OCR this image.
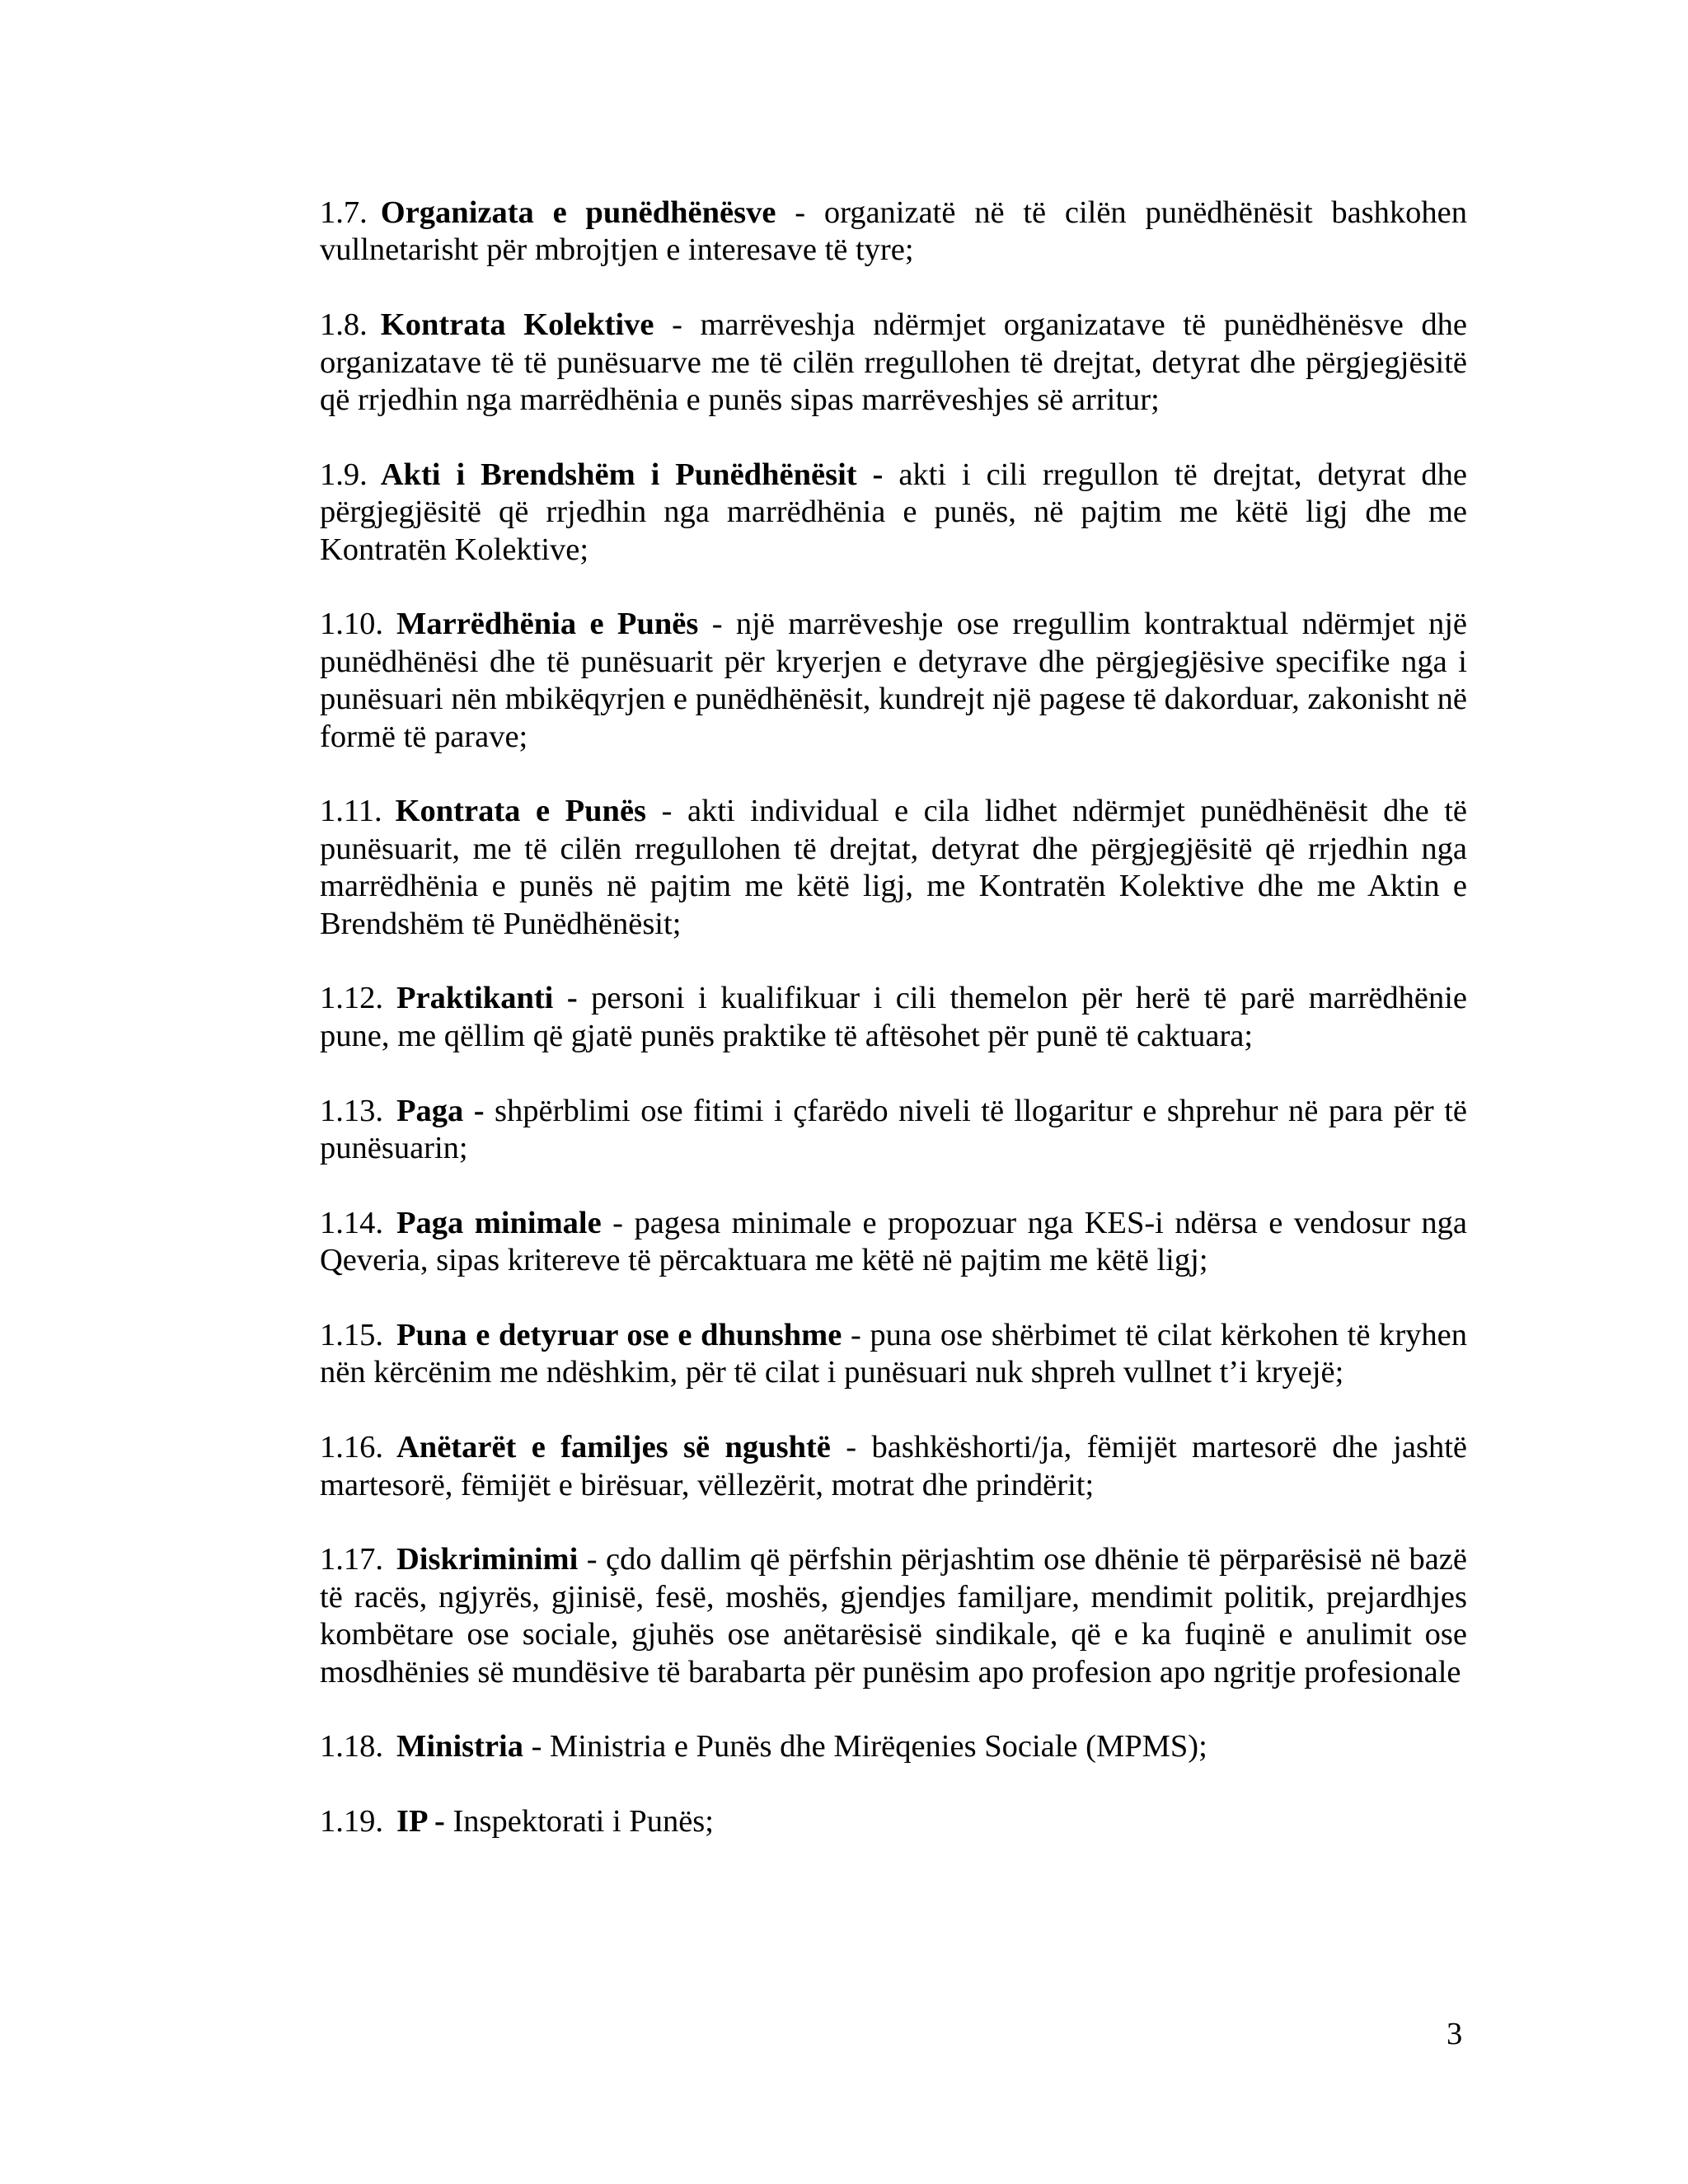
1.7. Organizata e punëdhënësve - organizatë në të cilën punëdhënësit bashkohen vullnetarisht për mbrojtjen e interesave të tyre;

1.8. Kontrata Kolektive - marrëveshja ndërmjet organizatave të punëdhënësve dhe organizatave të të punësuarve me të cilën rregullohen të drejtat, detyrat dhe përgjegjësitë që rrjedhin nga marrëdhënia e punës sipas marrëveshjes së arritur;

1.9. Akti i Brendshëm i Punëdhënësit - akti i cili rregullon të drejtat, detyrat dhe përgjegjësitë që rrjedhin nga marrëdhënia e punës, në pajtim me këtë ligj dhe me Kontratën Kolektive;

1.10. Marrëdhënia e Punës - një marrëveshje ose rregullim kontraktual ndërmjet një punëdhënësi dhe të punësuarit për kryerjen e detyrave dhe përgjegjësive specifike nga i punësuari nën mbikëqyrjen e punëdhënësit, kundrejt një pagese të dakorduar, zakonisht në formë të parave;

1.11. Kontrata e Punës - akti individual e cila lidhet ndërmjet punëdhënësit dhe të punësuarit, me të cilën rregullohen të drejtat, detyrat dhe përgjegjësitë që rrjedhin nga marrëdhënia e punës në pajtim me këtë ligj, me Kontratën Kolektive dhe me Aktin e Brendshëm të Punëdhënësit;

1.12. Praktikanti - personi i kualifikuar i cili themelon për herë të parë marrëdhënie pune, me qëllim që gjatë punës praktike të aftësohet për punë të caktuara;

1.13. Paga - shpërblimi ose fitimi i çfarëdo niveli të llogaritur e shprehur në para për të punësuarin;

1.14. Paga minimale - pagesa minimale e propozuar nga KES-i ndërsa e vendosur nga Qeveria, sipas kritereve të përcaktuara me këtë në pajtim me këtë ligj;

1.15. Puna e detyruar ose e dhunshme - puna ose shërbimet të cilat kërkohen të kryhen nën kërcënim me ndëshkim, për të cilat i punësuari nuk shpreh vullnet t’i kryejë;

1.16. Anëtarët e familjes së ngushtë - bashkëshorti/ja, fëmijët martesorë dhe jashtë martesorë, fëmijët e birësuar, vëllezërit, motrat dhe prindërit;

1.17. Diskriminimi - çdo dallim që përfshin përjashtim ose dhënie të përparësisë në bazë të racës, ngjyrës, gjinisë, fesë, moshës, gjendjes familjare, mendimit politik, prejardhjes kombëtare ose sociale, gjuhës ose anëtarësisë sindikale, që e ka fuqinë e anulimit ose mosdhënies së mundësive të barabarta për punësim apo profesion apo ngritje profesionale

1.18. Ministria - Ministria e Punës dhe Mirëqenies Sociale (MPMS);

1.19. IP - Inspektorati i Punës;

3
